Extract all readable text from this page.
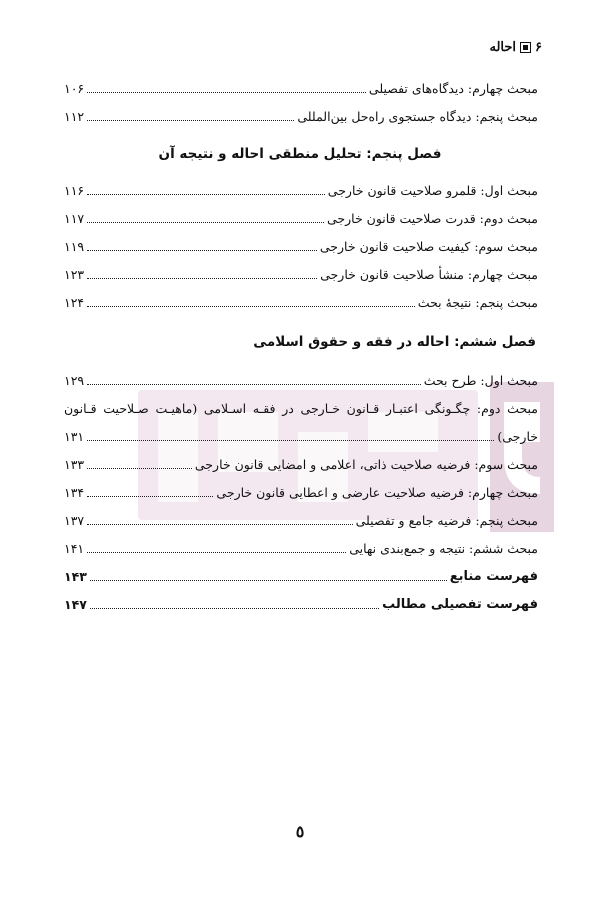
۶
احاله
مبحث چهارم: دیدگاه‌های تفصیلی
۱۰۶
مبحث پنجم: دیدگاه جستجوی راه‌حل بین‌المللی
۱۱۲
فصل پنجم: تحلیل منطقی احاله و نتیجه آن
مبحث اول: قلمرو صلاحیت قانون خارجی
۱۱۶
مبحث دوم: قدرت صلاحیت قانون خارجی
۱۱۷
مبحث سوم: کیفیت صلاحیت قانون خارجی
۱۱۹
مبحث چهارم: منشأ صلاحیت قانون خارجی
۱۲۳
مبحث پنجم: نتیجهٔ بحث
۱۲۴
فصل ششم: احاله در فقه و حقوق اسلامی
مبحث اول: طرح بحث
۱۲۹
مبحث دوم: چگـونگی اعتبـار قـانون خـارجی در فقـه اسـلامی (ماهیـت صـلاحیت قـانون
خارجی)
۱۳۱
مبحث سوم: فرضیه صلاحیت ذاتی، اعلامی و امضایی قانون خارجی
۱۳۳
مبحث چهارم: فرضیه صلاحیت عارضی و اعطایی قانون خارجی
۱۳۴
مبحث پنجم: فرضیه جامع و تفصیلی
۱۳۷
مبحث ششم: نتیجه و جمع‌بندی نهایی
۱۴۱
فهرست منابع
۱۴۳
فهرست تفصیلی مطالب
۱۴۷
٥
